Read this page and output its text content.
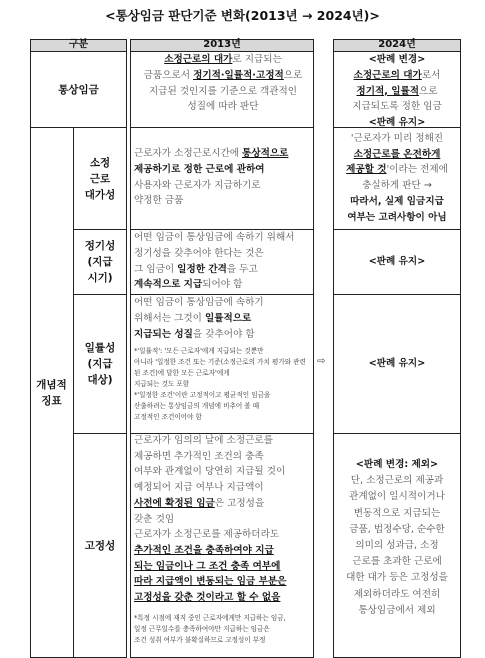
<통상임금 판단기준 변화(2013년 → 2024년)>
구분	2013년	2024년
통상임금
개념적 징표
소정 근로 대가성
정기성 (지급 시기)
일률성 (지급 대상)
고정성
소정근로의 대가로 지급되는
금품으로서 정기적·일률적·고정적으로
지급된 것인지를 기준으로 객관적인
성질에 따라 판단
근로자가 소정근로시간에 통상적으로
제공하기로 정한 근로에 관하여
사용자와 근로자가 지급하기로
약정한 금품
어떤 임금이 통상임금에 속하기 위해서
정기성을 갖추어야 한다는 것은
그 임금이 일정한 간격을 두고
계속적으로 지급되어야 함
어떤 임금이 통상임금에 속하기
위해서는 그것이 일률적으로
지급되는 성질을 갖추어야 함
*'일률적': '모든 근로자'에게 지급되는 것뿐만
아니라 '일정한 조건 또는 기준(소정근로의 가치 평가와 관련된 조건)에 달한 모든 근로자'에게
지급되는 것도 포함
*'일정한 조건'이란 고정적이고 평균적인 임금을
산출하려는 통상임금의 개념에 비추어 볼 때
고정적인 조건이어야 함
근로자가 임의의 날에 소정근로를
제공하면 추가적인 조건의 충족
여부와 관계없이 당연히 지급될 것이
예정되어 지급 여부나 지급액이
사전에 확정된 임금은 고정성을
갖춘 것임
근로자가 소정근로를 제공하더라도
추가적인 조건을 충족하여야 지급
되는 임금이나 그 조건 충족 여부에
따라 지급액이 변동되는 임금 부분은
고정성을 갖춘 것이라고 할 수 없음
*특정 시점에 재직 중인 근로자에게만 지급하는 임금,
일정 근무일수를 충족하여야만 지급하는 임금은
조건 성취 여부가 불확실하므로 고정성이 부정
⇨
<판례 변경>
소정근로의 대가로서
정기적, 일률적으로
지급되도록 정한 임금
<판례 유지>
'근로자가 미리 정해진
소정근로를 온전하게
제공할 것'이라는 전제에
충실하게 판단 →
따라서, 실제 임금지급
여부는 고려사항이 아님
<판례 유지>
<판례 유지>
<판례 변경: 제외>
단, 소정근로의 제공과
관계없이 일시적이거나
변동적으로 지급되는
금품, 법정수당, 순수한
의미의 성과급, 소정
근로를 초과한 근로에
대한 대가 등은 고정성을
제외하더라도 여전히
통상임금에서 제외
